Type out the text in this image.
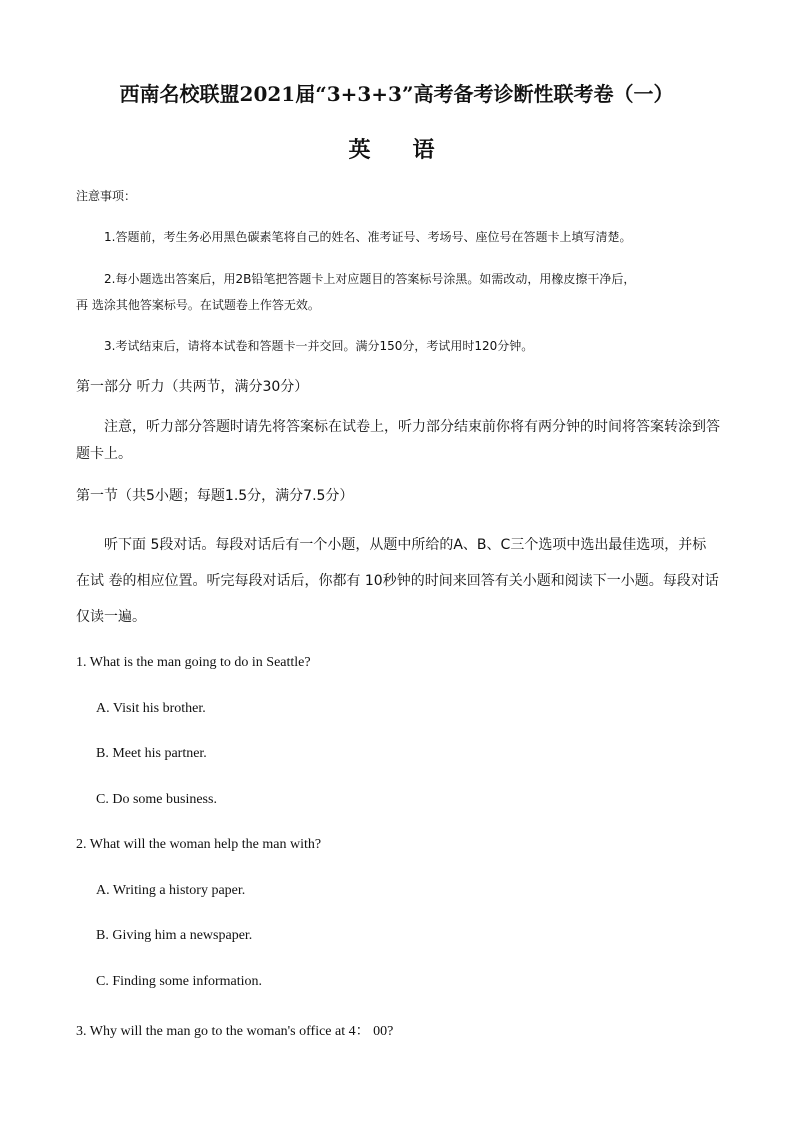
西南名校联盟2021届“3+3+3”高考备考诊断性联考卷（一）
英　语
注意事项：
1.答题前，考生务必用黑色碳素笔将自己的姓名、准考证号、考场号、座位号在答题卡上填写清楚。
2.每小题选出答案后，用2B铅笔把答题卡上对应题目的答案标号涂黑。如需改动，用橡皮擦干净后，
再 选涂其他答案标号。在试题卷上作答无效。
3.考试结束后，请将本试卷和答题卡一并交回。满分150分，考试用时120分钟。
第一部分 听力（共两节，满分30分）
注意，听力部分答题时请先将答案标在试卷上，听力部分结束前你将有两分钟的时间将答案转涂到答
题卡上。
第一节（共5小题；每题1.5分，满分7.5分）
听下面 5段对话。每段对话后有一个小题，从题中所给的A、B、C三个选项中选出最佳选项，并标
在试 卷的相应位置。听完每段对话后，你都有 10秒钟的时间来回答有关小题和阅读下一小题。每段对话
仅读一遍。
1. What is the man going to do in Seattle?
A. Visit his brother.
B. Meet his partner.
C. Do some business.
2. What will the woman help the man with?
A. Writing a history paper.
B. Giving him a newspaper.
C. Finding some information.
3. Why will the man go to the woman's office at 4： 00?
